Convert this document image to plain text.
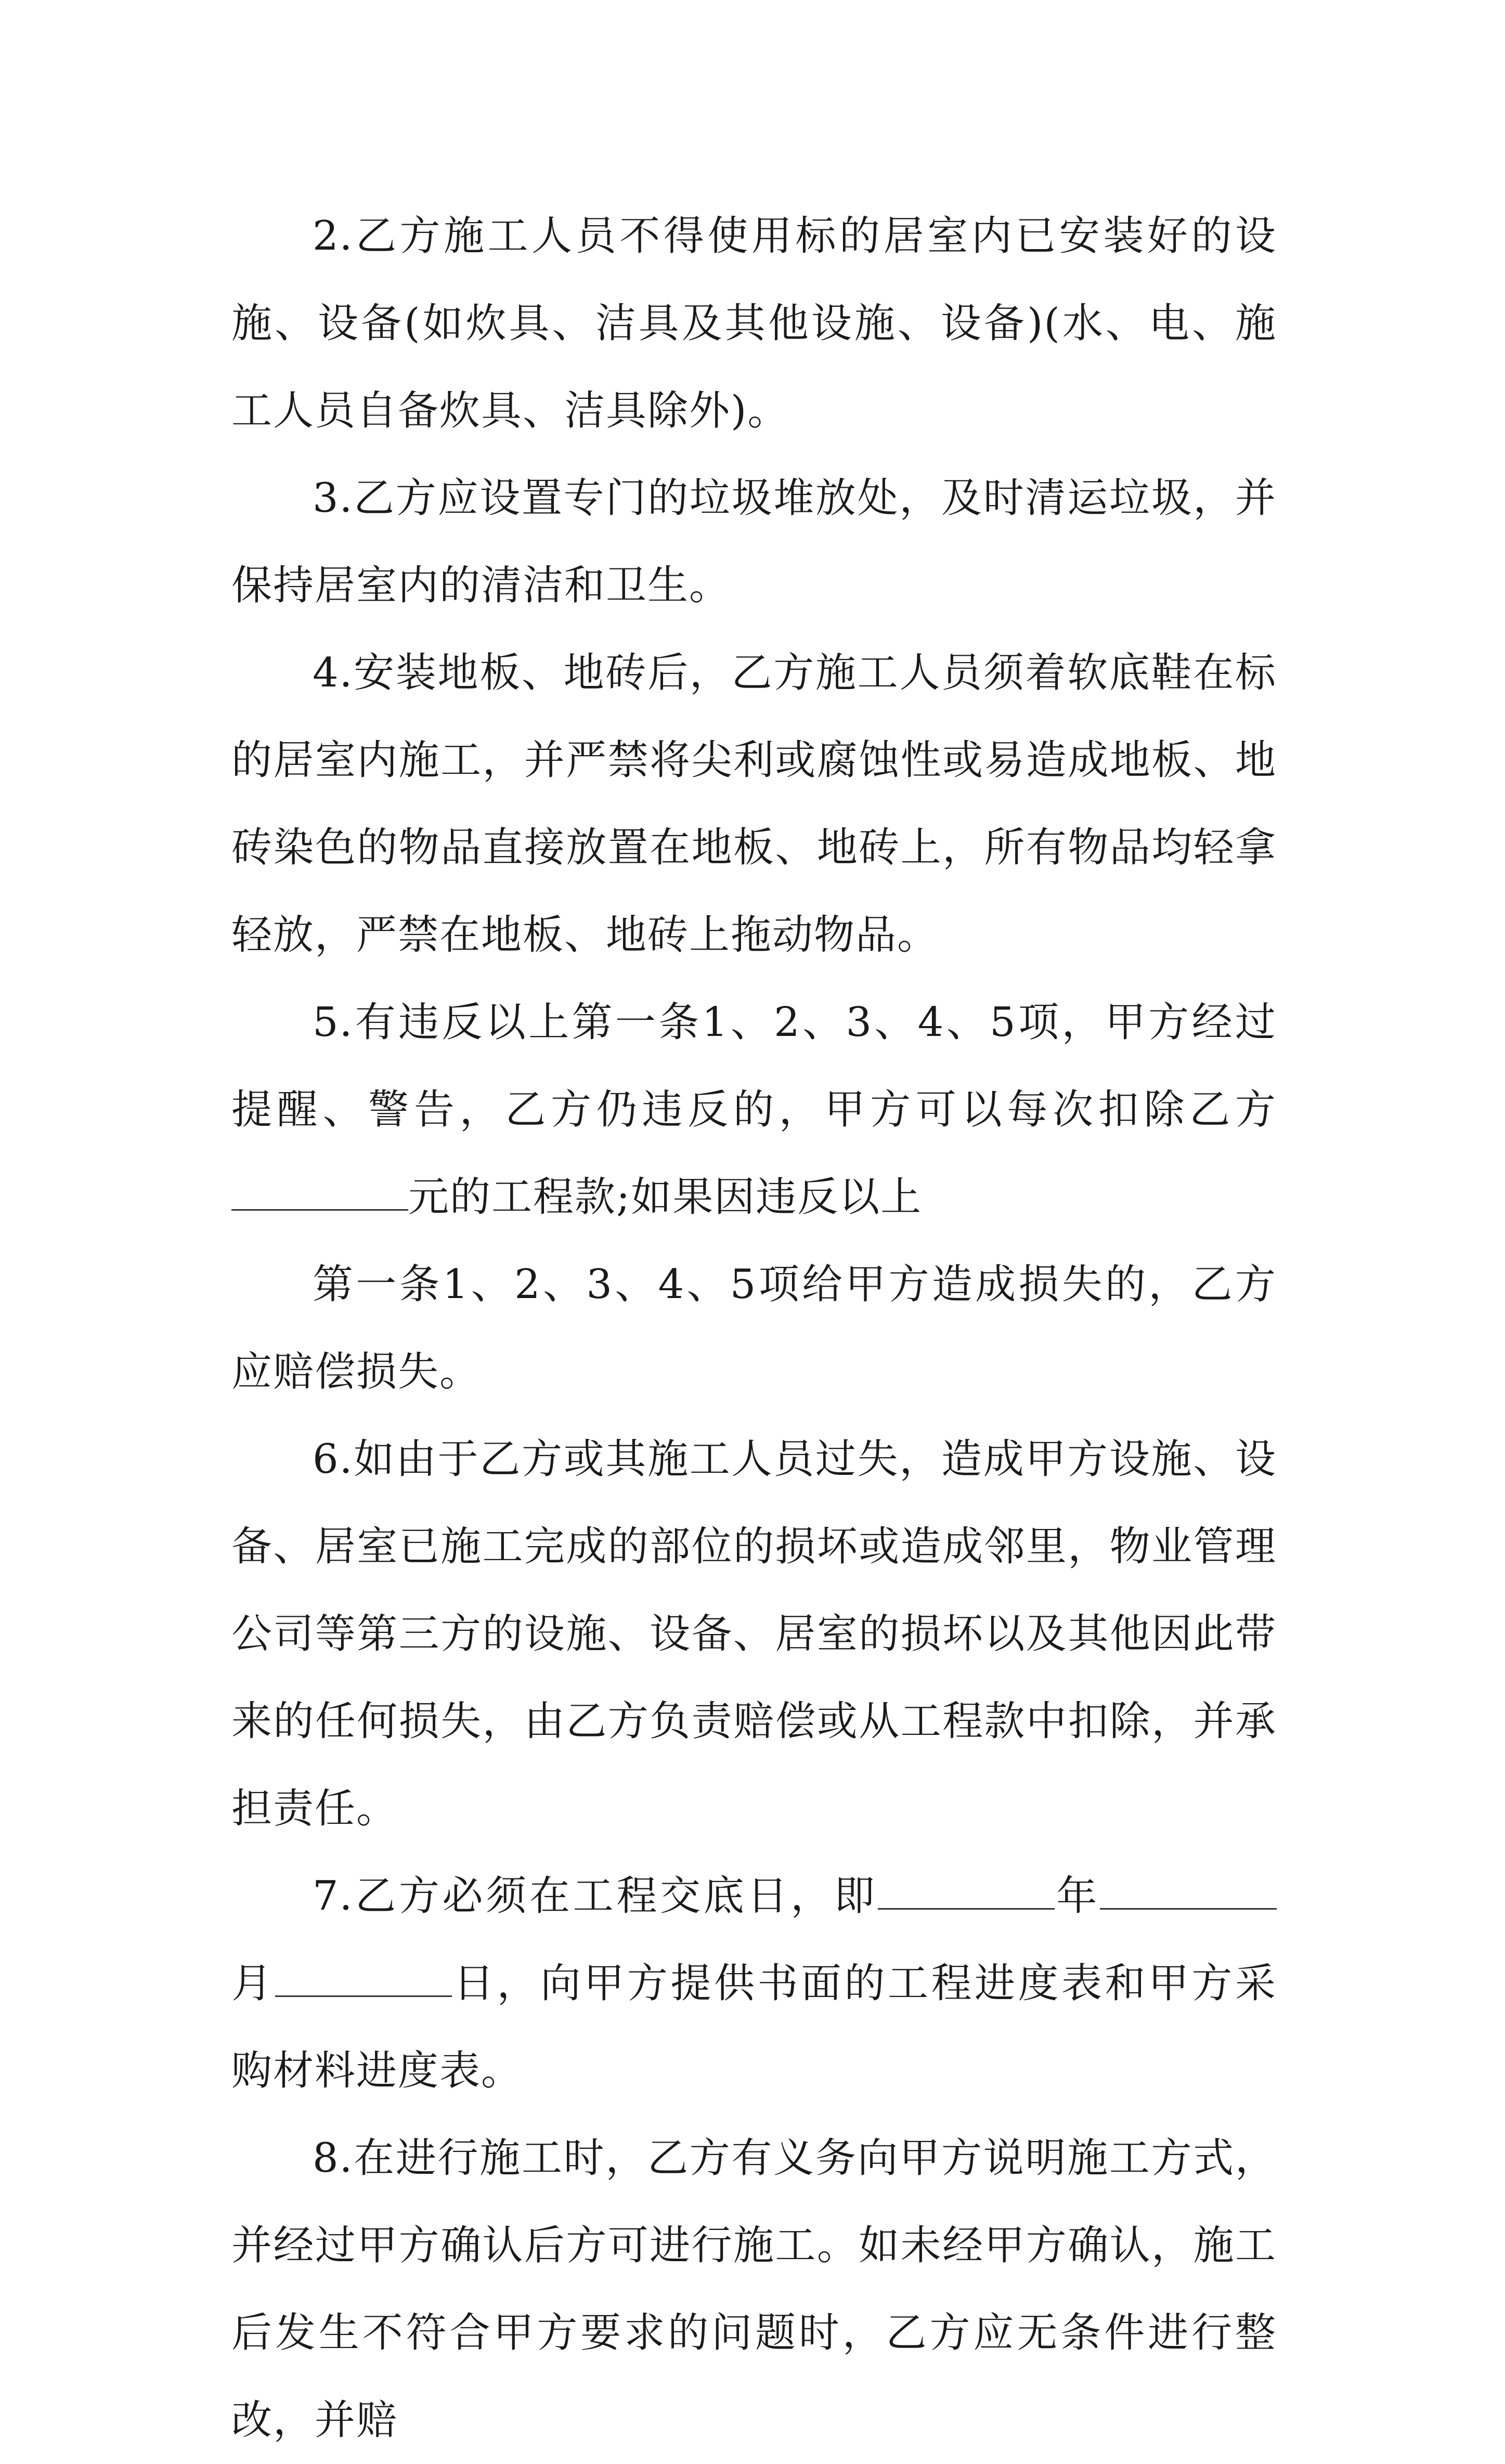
2.乙方施工人员不得使用标的居室内已安装好的设施、设备(如炊具、洁具及其他设施、设备)(水、电、施工人员自备炊具、洁具除外)。

3.乙方应设置专门的垃圾堆放处，及时清运垃圾，并保持居室内的清洁和卫生。

4.安装地板、地砖后，乙方施工人员须着软底鞋在标的居室内施工，并严禁将尖利或腐蚀性或易造成地板、地砖染色的物品直接放置在地板、地砖上，所有物品均轻拿轻放，严禁在地板、地砖上拖动物品。

5.有违反以上第一条1、2、3、4、5项，甲方经过提醒、警告，乙方仍违反的，甲方可以每次扣除乙方元的工程款;如果因违反以上

第一条1、2、3、4、5项给甲方造成损失的，乙方应赔偿损失。

6.如由于乙方或其施工人员过失，造成甲方设施、设备、居室已施工完成的部位的损坏或造成邻里，物业管理公司等第三方的设施、设备、居室的损坏以及其他因此带来的任何损失，由乙方负责赔偿或从工程款中扣除，并承担责任。

7.乙方必须在工程交底日，即	年月	日，向甲方提供书面的工程进度表和甲方采购材料进度表。

8.在进行施工时，乙方有义务向甲方说明施工方式，并经过甲方确认后方可进行施工。如未经甲方确认，施工后发生不符合甲方要求的问题时，乙方应无条件进行整改，并赔
